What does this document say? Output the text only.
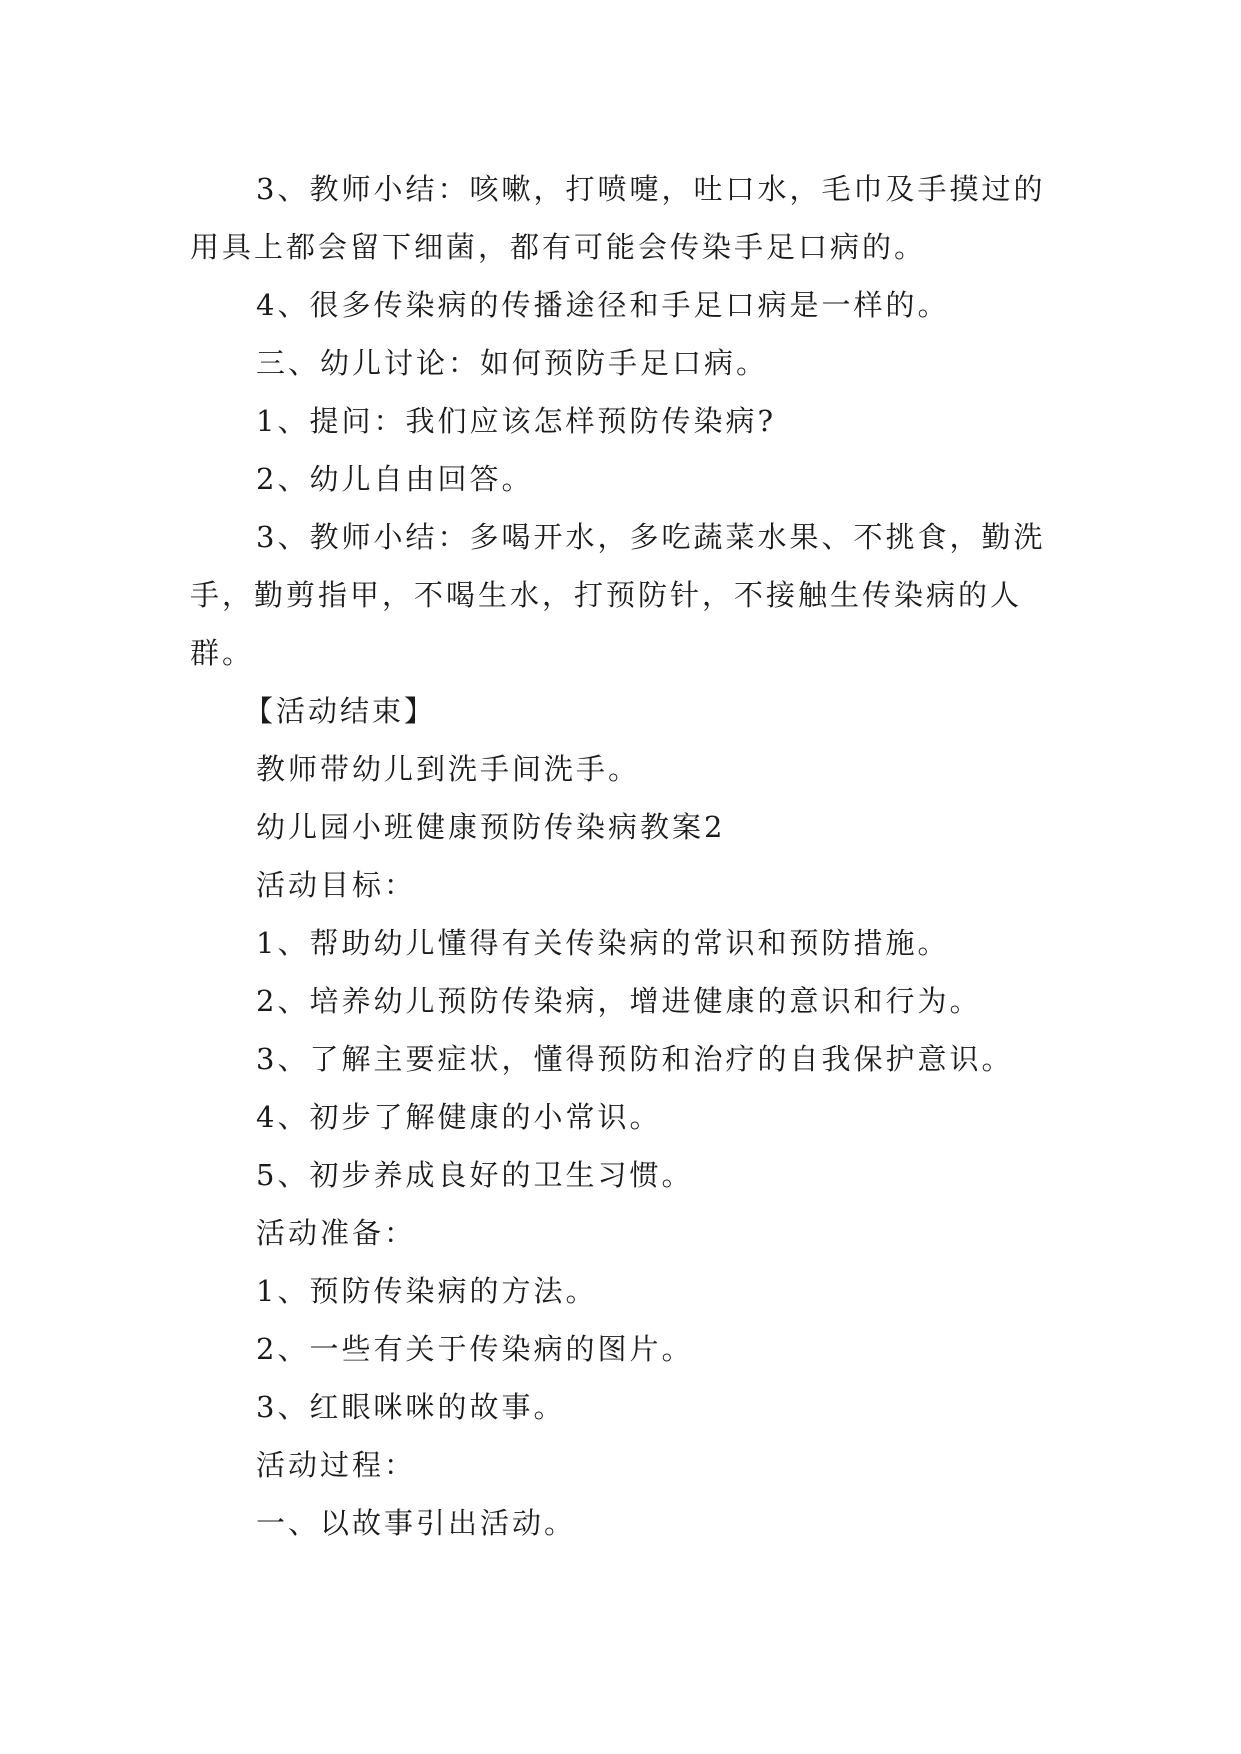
3、教师小结：咳嗽，打喷嚏，吐口水，毛巾及手摸过的用具上都会留下细菌，都有可能会传染手足口病的。

4、很多传染病的传播途径和手足口病是一样的。

三、幼儿讨论：如何预防手足口病。

1、提问：我们应该怎样预防传染病?

2、幼儿自由回答。

3、教师小结：多喝开水，多吃蔬菜水果、不挑食，勤洗手，勤剪指甲，不喝生水，打预防针，不接触生传染病的人群。

【活动结束】

教师带幼儿到洗手间洗手。

幼儿园小班健康预防传染病教案2

活动目标：

1、帮助幼儿懂得有关传染病的常识和预防措施。

2、培养幼儿预防传染病，增进健康的意识和行为。

3、了解主要症状，懂得预防和治疗的自我保护意识。

4、初步了解健康的小常识。

5、初步养成良好的卫生习惯。

活动准备：

1、预防传染病的方法。

2、一些有关于传染病的图片。

3、红眼咪咪的故事。

活动过程：

一、以故事引出活动。
